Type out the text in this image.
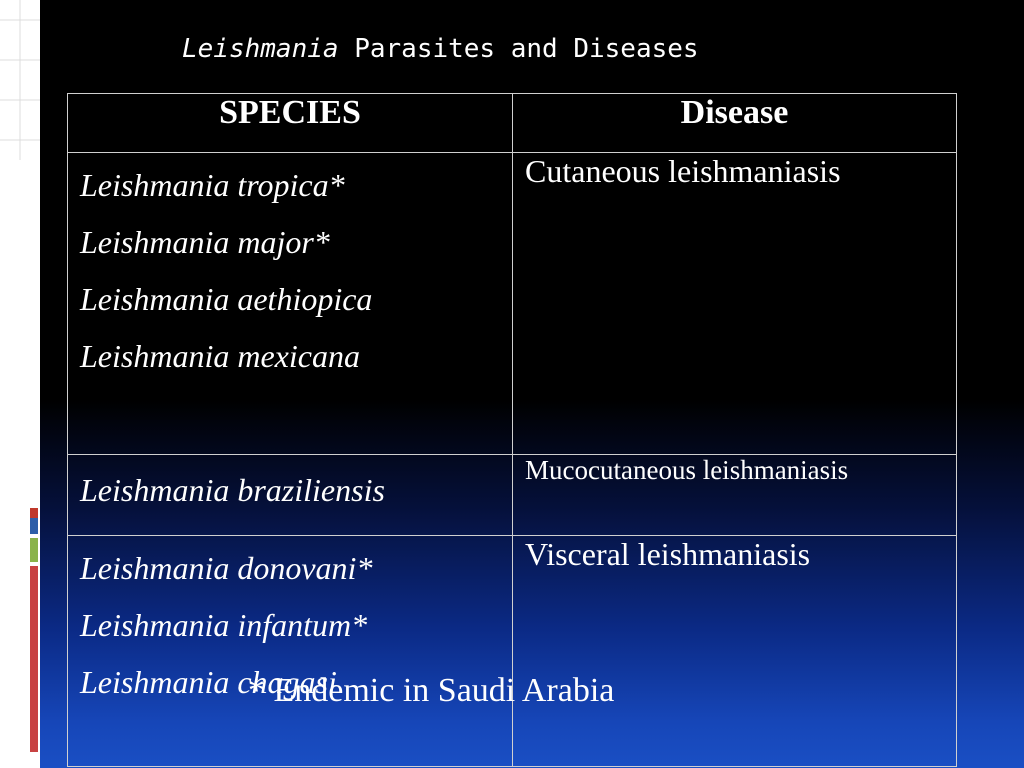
Leishmania Parasites and Diseases
SPECIES	Disease

Leishmania tropica*
Leishmania major*
Leishmania aethiopica
Leishmania mexicana	Cutaneous leishmaniasis

Leishmania braziliensis	Mucocutaneous leishmaniasis

Leishmania donovani*
Leishmania infantum*
Leishmania chagasi	Visceral leishmaniasis
* Endemic in Saudi Arabia
